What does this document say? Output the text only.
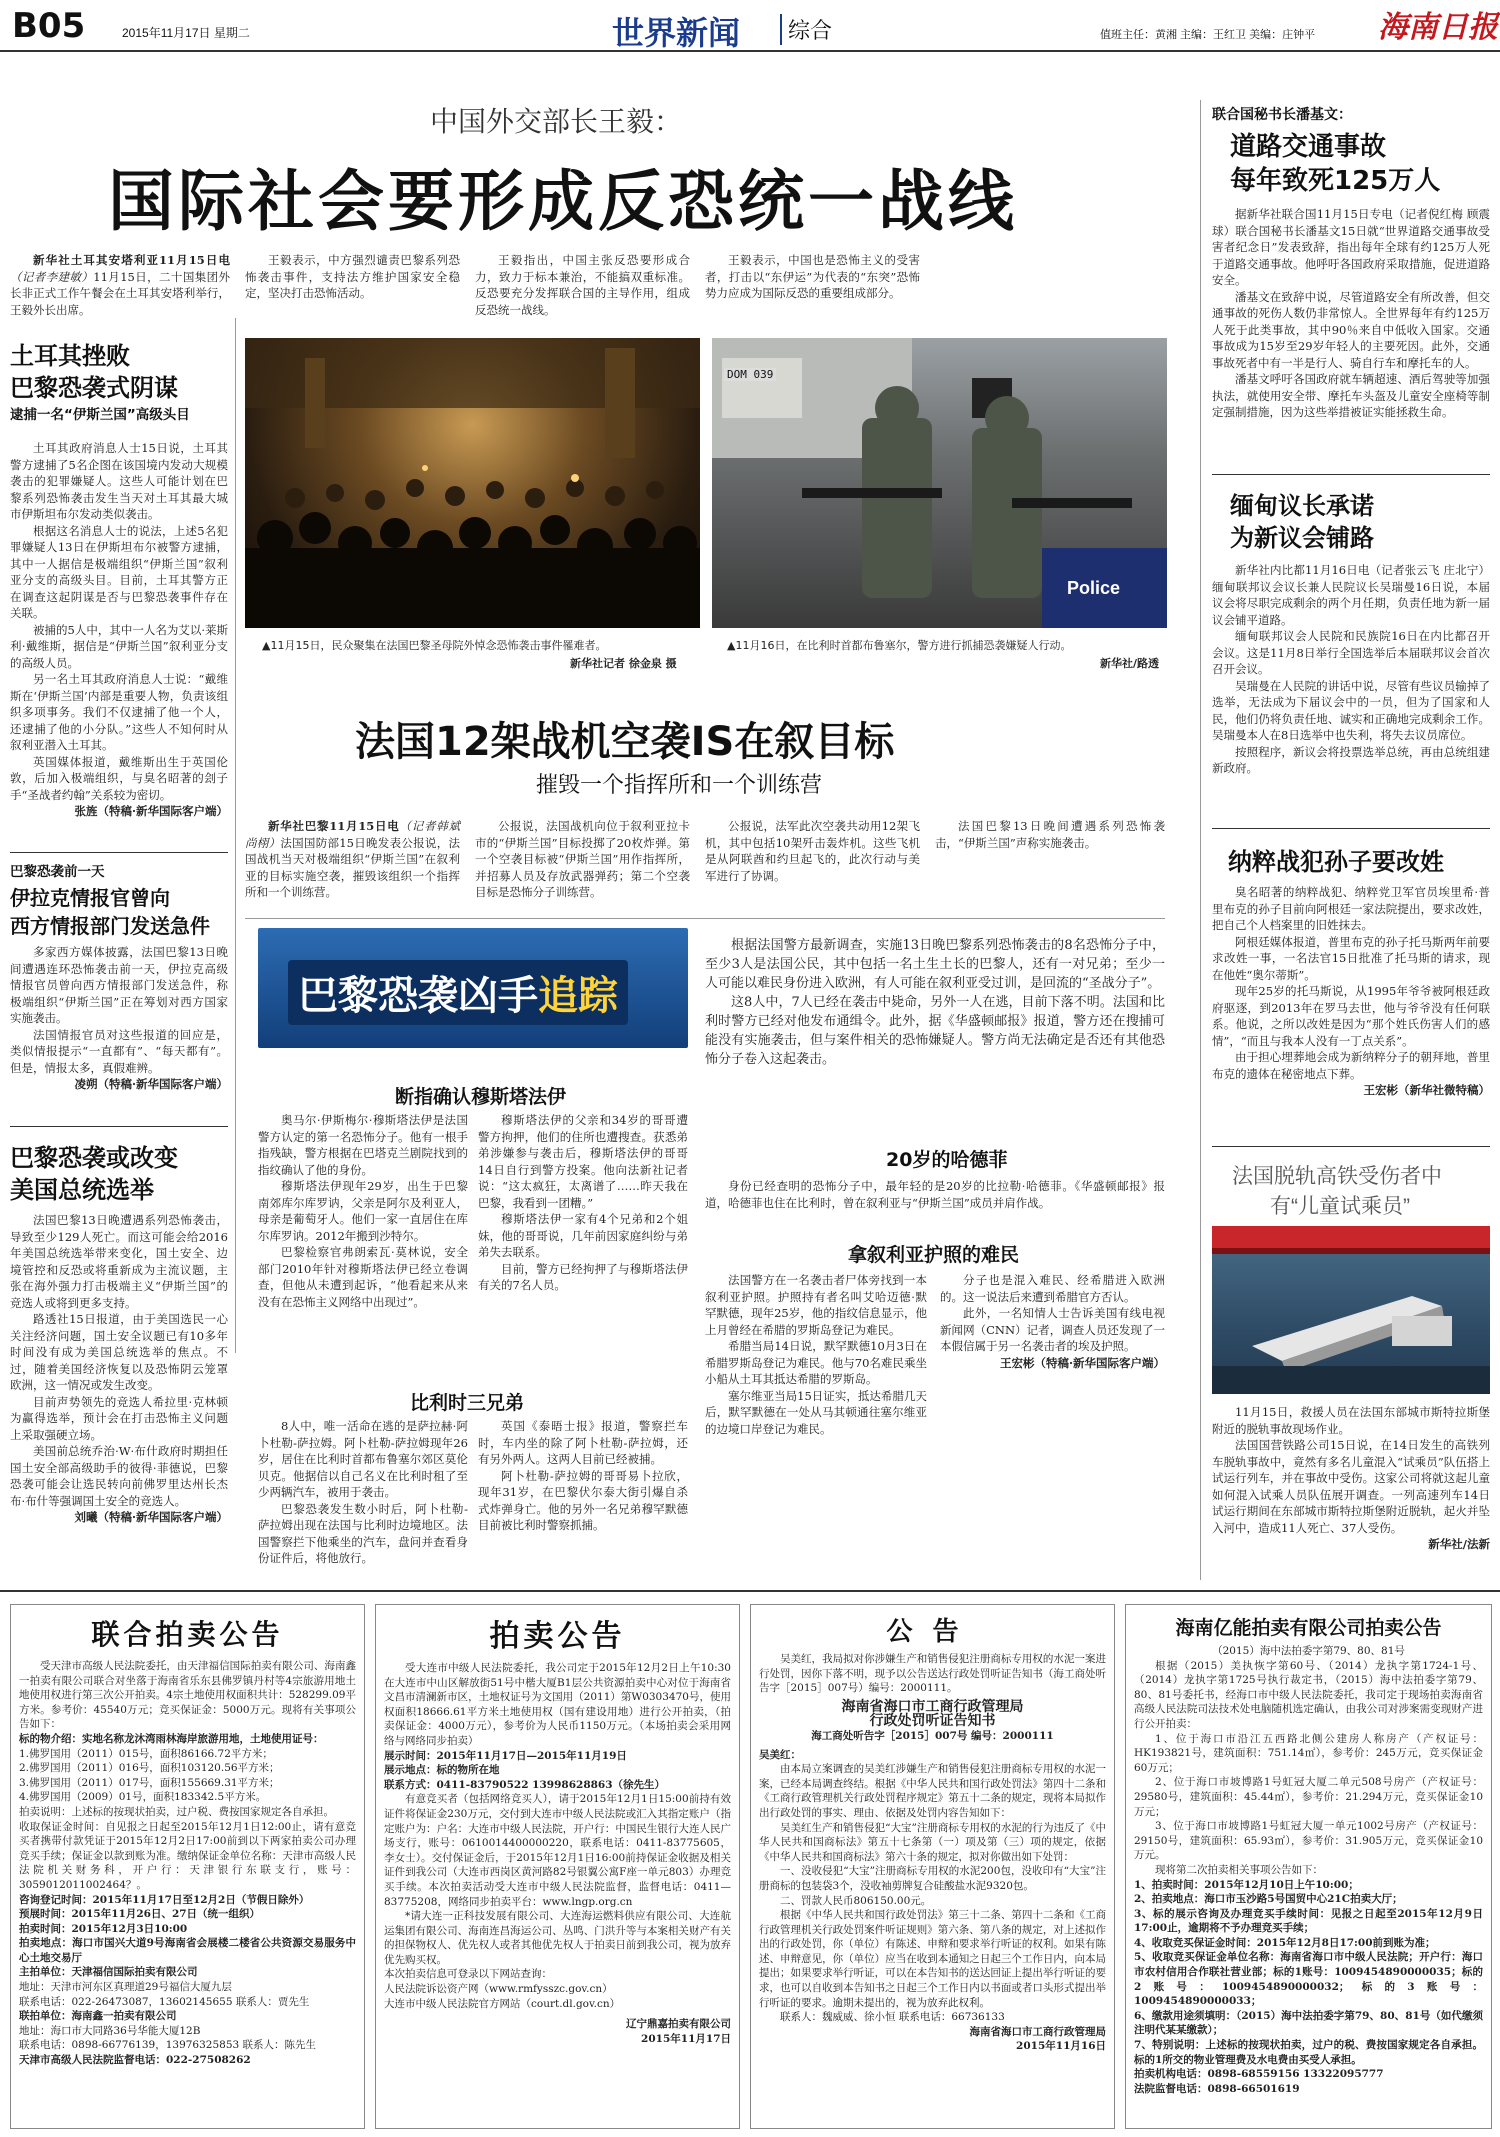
B05	2015年11月17日 星期二	世界新闻	综合	值班主任：黄湘 主编：王红卫 美编：庄钟平 海南日报
中国外交部长王毅：
国际社会要形成反恐统一战线

新华社土耳其安塔利亚11月15日电（记者李建敏）11月15日，二十国集团外长非正式工作午餐会在土耳其安塔利举行，王毅外长出席。

王毅表示，中方强烈谴责巴黎系列恐怖袭击事件，支持法方维护国家安全稳定，坚决打击恐怖活动。

王毅指出，中国主张反恐要形成合力，致力于标本兼治，不能搞双重标准。反恐要充分发挥联合国的主导作用，组成反恐统一战线。

王毅表示，中国也是恐怖主义的受害者，打击以“东伊运”为代表的“东突”恐怖势力应成为国际反恐的重要组成部分。

▲11月15日，民众聚集在法国巴黎圣母院外悼念恐怖袭击事件罹难者。
新华社记者 徐金泉 摄
DOM 039
Police
▲11月16日，在比利时首都布鲁塞尔，警方进行抓捕恐袭嫌疑人行动。
新华社/路透
土耳其挫败
巴黎恐袭式阴谋
逮捕一名“伊斯兰国”高级头目

土耳其政府消息人士15日说，土耳其警方逮捕了5名企图在该国境内发动大规模袭击的犯罪嫌疑人。这些人可能计划在巴黎系列恐怖袭击发生当天对土耳其最大城市伊斯坦布尔发动类似袭击。

根据这名消息人士的说法，上述5名犯罪嫌疑人13日在伊斯坦布尔被警方逮捕，其中一人据信是极端组织“伊斯兰国”叙利亚分支的高级头目。目前，土耳其警方正在调查这起阴谋是否与巴黎恐袭事件存在关联。

被捕的5人中，其中一人名为艾以·莱斯利·戴维斯，据信是“伊斯兰国”叙利亚分支的高级人员。

另一名土耳其政府消息人士说：“戴维斯在‘伊斯兰国’内部是重要人物，负责该组织多项事务。我们不仅逮捕了他一个人，还逮捕了他的小分队。”这些人不知何时从叙利亚潜入土耳其。

英国媒体报道，戴维斯出生于英国伦敦，后加入极端组织，与臭名昭著的刽子手“圣战者约翰”关系较为密切。

张旌（特稿·新华国际客户端）
巴黎恐袭前一天
伊拉克情报官曾向
西方情报部门发送急件

多家西方媒体披露，法国巴黎13日晚间遭遇连环恐怖袭击前一天，伊拉克高级情报官员曾向西方情报部门发送急件，称极端组织“伊斯兰国”正在筹划对西方国家实施袭击。

法国情报官员对这些报道的回应是，类似情报提示“一直都有”、“每天都有”。但是，情报太多，真假难辨。

凌朔（特稿·新华国际客户端）
巴黎恐袭或改变
美国总统选举

法国巴黎13日晚遭遇系列恐怖袭击，导致至少129人死亡。而这可能会给2016年美国总统选举带来变化，国土安全、边境管控和反恐或将重新成为主流议题，主张在海外强力打击极端主义“伊斯兰国”的竞选人或将到更多支持。

路透社15日报道，由于美国选民一心关注经济问题，国土安全议题已有10多年时间没有成为美国总统选举的焦点。不过，随着美国经济恢复以及恐怖阴云笼罩欧洲，这一情况或发生改变。

目前声势领先的竞选人希拉里·克林顿为赢得选举，预计会在打击恐怖主义问题上采取强硬立场。

美国前总统乔治·W·布什政府时期担任国土安全部高级助手的彼得·菲德说，巴黎恐袭可能会让选民转向前佛罗里达州长杰布·布什等强调国土安全的竞选人。

刘曦（特稿·新华国际客户端）
法国12架战机空袭IS在叙目标
摧毁一个指挥所和一个训练营

新华社巴黎11月15日电（记者韩斌 尚栩）法国国防部15日晚发表公报说，法国战机当天对极端组织“伊斯兰国”在叙利亚的目标实施空袭，摧毁该组织一个指挥所和一个训练营。

公报说，法国战机向位于叙利亚拉卡市的“伊斯兰国”目标投掷了20枚炸弹。第一个空袭目标被“伊斯兰国”用作指挥所，并招募人员及存放武器弹药；第二个空袭目标是恐怖分子训练营。

公报说，法军此次空袭共动用12架飞机，其中包括10架歼击轰炸机。这些飞机是从阿联酋和约旦起飞的，此次行动与美军进行了协调。

法国巴黎13日晚间遭遇系列恐怖袭击，“伊斯兰国”声称实施袭击。

巴黎恐袭凶手追踪

根据法国警方最新调查，实施13日晚巴黎系列恐怖袭击的8名恐怖分子中，至少3人是法国公民，其中包括一名土生土长的巴黎人，还有一对兄弟；至少一人可能以难民身份进入欧洲，有人可能在叙利亚受过训，是回流的“圣战分子”。

这8人中，7人已经在袭击中毙命，另外一人在逃，目前下落不明。法国和比利时警方已经对他发布通缉令。此外，据《华盛顿邮报》报道，警方还在搜捕可能没有实施袭击，但与案件相关的恐怖嫌疑人。警方尚无法确定是否还有其他恐怖分子卷入这起袭击。

断指确认穆斯塔法伊

奥马尔·伊斯梅尔·穆斯塔法伊是法国警方认定的第一名恐怖分子。他有一根手指残缺，警方根据在巴塔克兰剧院找到的指纹确认了他的身份。

穆斯塔法伊现年29岁，出生于巴黎南郊库尔库罗讷，父亲是阿尔及利亚人，母亲是葡萄牙人。他们一家一直居住在库尔库罗讷。2012年搬到沙特尔。

巴黎检察官弗朗索瓦·莫林说，安全部门2010年针对穆斯塔法伊已经立卷调查，但他从未遭到起诉，“他看起来从来没有在恐怖主义网络中出现过”。

穆斯塔法伊的父亲和34岁的哥哥遭警方拘押，他们的住所也遭搜查。获悉弟弟涉嫌参与袭击后，穆斯塔法伊的哥哥14日自行到警方投案。他向法新社记者说：“这太疯狂，太离谱了……昨天我在巴黎，我看到一团糟。”

穆斯塔法伊一家有4个兄弟和2个姐妹，他的哥哥说，几年前因家庭纠纷与弟弟失去联系。

目前，警方已经拘押了与穆斯塔法伊有关的7名人员。

比利时三兄弟

8人中，唯一活命在逃的是萨拉赫·阿卜杜勒-萨拉姆。阿卜杜勒-萨拉姆现年26岁，居住在比利时首都布鲁塞尔郊区莫伦贝克。他据信以自己名义在比利时租了至少两辆汽车，被用于袭击。

巴黎恐袭发生数小时后，阿卜杜勒-萨拉姆出现在法国与比利时边境地区。法国警察拦下他乘坐的汽车，盘问并查看身份证件后，将他放行。

英国《泰晤士报》报道，警察拦车时，车内坐的除了阿卜杜勒-萨拉姆，还有另外两人。这两人目前已经被捕。

阿卜杜勒-萨拉姆的哥哥易卜拉欣，现年31岁，在巴黎伏尔泰大街引爆自杀式炸弹身亡。他的另外一名兄弟穆罕默德目前被比利时警察抓捕。

20岁的哈德菲

身份已经查明的恐怖分子中，最年轻的是20岁的比拉勒·哈德菲。《华盛顿邮报》报道，哈德菲也住在比利时，曾在叙利亚与“伊斯兰国”成员并肩作战。

拿叙利亚护照的难民

法国警方在一名袭击者尸体旁找到一本叙利亚护照。护照持有者名叫艾哈迈德·默罕默德，现年25岁，他的指纹信息显示，他上月曾经在希腊的罗斯岛登记为难民。

希腊当局14日说，默罕默德10月3日在希腊罗斯岛登记为难民。他与70名难民乘坐小船从土耳其抵达希腊的罗斯岛。

塞尔维亚当局15日证实，抵达希腊几天后，默罕默德在一处从马其顿通往塞尔维亚的边境口岸登记为难民。

分子也是混入难民、经希腊进入欧洲的。这一说法后来遭到希腊官方否认。

此外，一名知情人士告诉美国有线电视新闻网（CNN）记者，调查人员还发现了一本假信属于另一名袭击者的埃及护照。

王宏彬（特稿·新华国际客户端）
联合国秘书长潘基文：
道路交通事故
每年致死125万人

据新华社联合国11月15日专电（记者倪红梅 顾震球）联合国秘书长潘基文15日就“世界道路交通事故受害者纪念日”发表致辞，指出每年全球有约125万人死于道路交通事故。他呼吁各国政府采取措施，促进道路安全。

潘基文在致辞中说，尽管道路安全有所改善，但交通事故的死伤人数仍非常惊人。全世界每年有约125万人死于此类事故，其中90％来自中低收入国家。交通事故成为15岁至29岁年轻人的主要死因。此外，交通事故死者中有一半是行人、骑自行车和摩托车的人。

潘基文呼吁各国政府就车辆超速、酒后驾驶等加强执法，就使用安全带、摩托车头盔及儿童安全座椅等制定强制措施，因为这些举措被证实能拯救生命。

缅甸议长承诺
为新议会铺路

新华社内比都11月16日电（记者张云飞 庄北宁）缅甸联邦议会议长兼人民院议长吴瑞曼16日说，本届议会将尽职完成剩余的两个月任期，负责任地为新一届议会铺平道路。

缅甸联邦议会人民院和民族院16日在内比都召开会议。这是11月8日举行全国选举后本届联邦议会首次召开会议。

吴瑞曼在人民院的讲话中说，尽管有些议员输掉了选举，无法成为下届议会中的一员，但为了国家和人民，他们仍将负责任地、诚实和正确地完成剩余工作。吴瑞曼本人在8日选举中也失利，将失去议员席位。

按照程序，新议会将投票选举总统，再由总统组建新政府。

纳粹战犯孙子要改姓

臭名昭著的纳粹战犯、纳粹党卫军官员埃里希·普里布克的孙子目前向阿根廷一家法院提出，要求改姓，把自己个人档案里的旧姓抹去。

阿根廷媒体报道，普里布克的孙子托马斯两年前要求改姓一事，一名法官15日批准了托马斯的请求，现在他姓“奥尔蒂斯”。

现年25岁的托马斯说，从1995年爷爷被阿根廷政府驱逐，到2013年在罗马去世，他与爷爷没有任何联系。他说，之所以改姓是因为“那个姓氏伤害人们的感情”，“而且与我本人没有一丁点关系”。

由于担心埋葬地会成为新纳粹分子的朝拜地，普里布克的遗体在秘密地点下葬。

王宏彬（新华社微特稿）
法国脱轨高铁受伤者中
有“儿童试乘员”

11月15日，救援人员在法国东部城市斯特拉斯堡附近的脱轨事故现场作业。

法国国营铁路公司15日说，在14日发生的高铁列车脱轨事故中，竟然有多名儿童混入“试乘员”队伍搭上试运行列车，并在事故中受伤。这家公司将就这起儿童如何混入试乘人员队伍展开调查。一列高速列车14日试运行期间在东部城市斯特拉斯堡附近脱轨，起火并坠入河中，造成11人死亡、37人受伤。

新华社/法新
联合拍卖公告

受天津市高级人民法院委托，由天津福信国际拍卖有限公司、海南鑫一拍卖有限公司联合对坐落于海南省乐东县佛罗镇丹村等4宗旅游用地土地使用权进行第三次公开拍卖。4宗土地使用权面积共计：528299.09平方米。参考价：45540万元；竞买保证金：5000万元。现将有关事项公告如下：

标的物介绍：实地名称龙沐湾雨林海岸旅游用地，土地使用证号：
1.佛罗国用（2011）015号，面积86166.72平方米；
2.佛罗国用（2011）016号，面积103120.56平方米；
3.佛罗国用（2011）017号，面积155669.31平方米；
4.佛罗国用（2009）01号，面积183342.5平方米。
拍卖说明：上述标的按现状拍卖，过户税、费按国家规定各自承担。
收取保证金时间：自见报之日起至2015年12月1日12:00止，请有意竞买者携带付款凭证于2015年12月2日17:00前到以下两家拍卖公司办理竞买手续；保证金以款到账为准。缴纳保证金单位名称：天津市高级人民法院机关财务科，开户行：天津银行东联支行，账号：3059012011002464？。
咨询登记时间：2015年11月17日至12月2日（节假日除外）
预展时间：2015年11月26日、27日（统一组织）
拍卖时间：2015年12月3日10:00
拍卖地点：海口市国兴大道9号海南省会展楼二楼省公共资源交易服务中心土地交易厅
主拍单位：天津福信国际拍卖有限公司
地址：天津市河东区真理道29号福信大厦九层
联系电话：022-26473087，13602145655 联系人：贾先生
联拍单位：海南鑫一拍卖有限公司
地址：海口市大同路36号华能大厦12B
联系电话：0898-66776139，13976325853 联系人：陈先生
天津市高级人民法院监督电话：022-27508262
拍卖公告

受大连市中级人民法院委托，我公司定于2015年12月2日上午10:30在大连市中山区解放街51号中楷大厦B1层公共资源拍卖中心对位于海南省文昌市清澜新市区，土地权证号为文国用（2011）第W0303470号，使用权面积18666.61平方米土地使用权（国有建设用地）进行公开拍卖，（拍卖保证金：4000万元），参考价为人民币1150万元。（本场拍卖会采用网络与网络同步拍卖）

展示时间：2015年11月17日—2015年11月19日
展示地点：标的物所在地
联系方式：0411-83790522 13998628863（徐先生）
有意竞买者（包括网络竞买人），请于2015年12月1日15:00前持有效证件将保证金230万元，交付到大连市中级人民法院或汇入其指定账户（指定账户为：户名：大连市中级人民法院，开户行：中国民生银行大连人民广场支行，账号：0610014400000220，联系电话：0411-83775605，李女士）。交付保证金后，于2015年12月1日16:00前持保证金收据及相关证件到我公司（大连市西岗区黄河路82号银翼公寓F座一单元803）办理竞买手续。本次拍卖活动受大连市中级人民法院监督，监督电话：0411—83775208，网络同步拍卖平台：www.lngp.org.cn
*请大连一正科技发展有限公司、大连海运燃料供应有限公司、大连航运集团有限公司、海南连昌海运公司、丛鸣、门洪升等与本案相关财产有关的担保物权人、优先权人或者其他优先权人于拍卖日前到我公司，视为放弃优先购买权。
本次拍卖信息可登录以下网站查询：
人民法院诉讼资产网（www.rmfysszc.gov.cn）
大连市中级人民法院官方网站（court.dl.gov.cn）
辽宁鼎嘉拍卖有限公司
2015年11月17日
公告

吴美红，我局拟对你涉嫌生产和销售侵犯注册商标专用权的水泥一案进行处罚，因你下落不明，现予以公告送达行政处罚听证告知书（海工商处听告字［2015］007号）编号：2000111。

海南省海口市工商行政管理局
行政处罚听证告知书
海工商处听告字［2015］007号 编号：2000111
吴美红：
由本局立案调查的吴美红涉嫌生产和销售侵犯注册商标专用权的水泥一案，已经本局调查终结。根据《中华人民共和国行政处罚法》第四十二条和《工商行政管理机关行政处罚程序规定》第五十二条的规定，现将本局拟作出行政处罚的事实、理由、依据及处罚内容告知如下：
吴美红生产和销售侵犯“大宝”注册商标专用权的水泥的行为违反了《中华人民共和国商标法》第五十七条第（一）项及第（三）项的规定，依据《中华人民共和国商标法》第六十条的规定，拟对你做出如下处罚：
一、没收侵犯“大宝”注册商标专用权的水泥200包，没收印有“大宝”注册商标的包装袋3个，没收袖剪牌复合硅酸盐水泥9320包。
二、罚款人民币806150.00元。
根据《中华人民共和国行政处罚法》第三十二条、第四十二条和《工商行政管理机关行政处罚案件听证规则》第六条、第八条的规定，对上述拟作出的行政处罚，你（单位）有陈述、申辩和要求举行听证的权利。如果有陈述、申辩意见，你（单位）应当在收到本通知之日起三个工作日内，向本局提出；如果要求举行听证，可以在本告知书的送达回证上提出举行听证的要求，也可以自收到本告知书之日起三个工作日内以书面或者口头形式提出举行听证的要求。逾期未提出的，视为放弃此权利。
联系人：魏威威、徐小恒 联系电话：66736133
海南省海口市工商行政管理局
2015年11月16日
海南亿能拍卖有限公司拍卖公告
（2015）海中法拍委字第79、80、81号

根据（2015）美执恢字第60号、（2014）龙执字第1724-1号、（2014）龙执字第1725号执行裁定书，（2015）海中法拍委字第79、80、81号委托书，经海口市中级人民法院委托，我司定于现场拍卖海南省高级人民法院司法技术处电脑随机选定确认，由我公司对涉案需变现财产进行公开拍卖：

1、位于海口市沿江五西路北侧公建房人称房产（产权证号：HK193821号，建筑面积：751.14㎡），参考价：245万元，竞买保证金60万元；
2、位于海口市坡博路1号虹冠大厦二单元508号房产（产权证号：29580号，建筑面积：45.44㎡），参考价：21.294万元，竞买保证金10万元；
3、位于海口市坡博路1号虹冠大厦一单元1002号房产（产权证号：29150号，建筑面积：65.93㎡），参考价：31.905万元，竞买保证金10万元。
现将第二次拍卖相关事项公告如下：
1、拍卖时间：2015年12月10日上午10:00；
2、拍卖地点：海口市玉沙路5号国贸中心21C拍卖大厅；
3、标的展示咨询及办理竞买手续时间：见报之日起至2015年12月9日17:00止，逾期将不予办理竞买手续；
4、收取竞买保证金时间：2015年12月8日17:00前到账为准；
5、收取竞买保证金单位名称：海南省海口市中级人民法院；开户行：海口市农村信用合作联社营业部；标的1账号：1009454890000035；标的2账号：1009454890000032；标的3账号：1009454890000033；
6、缴款用途须填明：（2015）海中法拍委字第79、80、81号（如代缴须注明代某某缴款）；
7、特别说明：上述标的按现状拍卖，过户的税、费按国家规定各自承担。标的1所交的物业管理费及水电费由买受人承担。
拍卖机构电话：0898-68559156 13322095777
法院监督电话：0898-66501619
